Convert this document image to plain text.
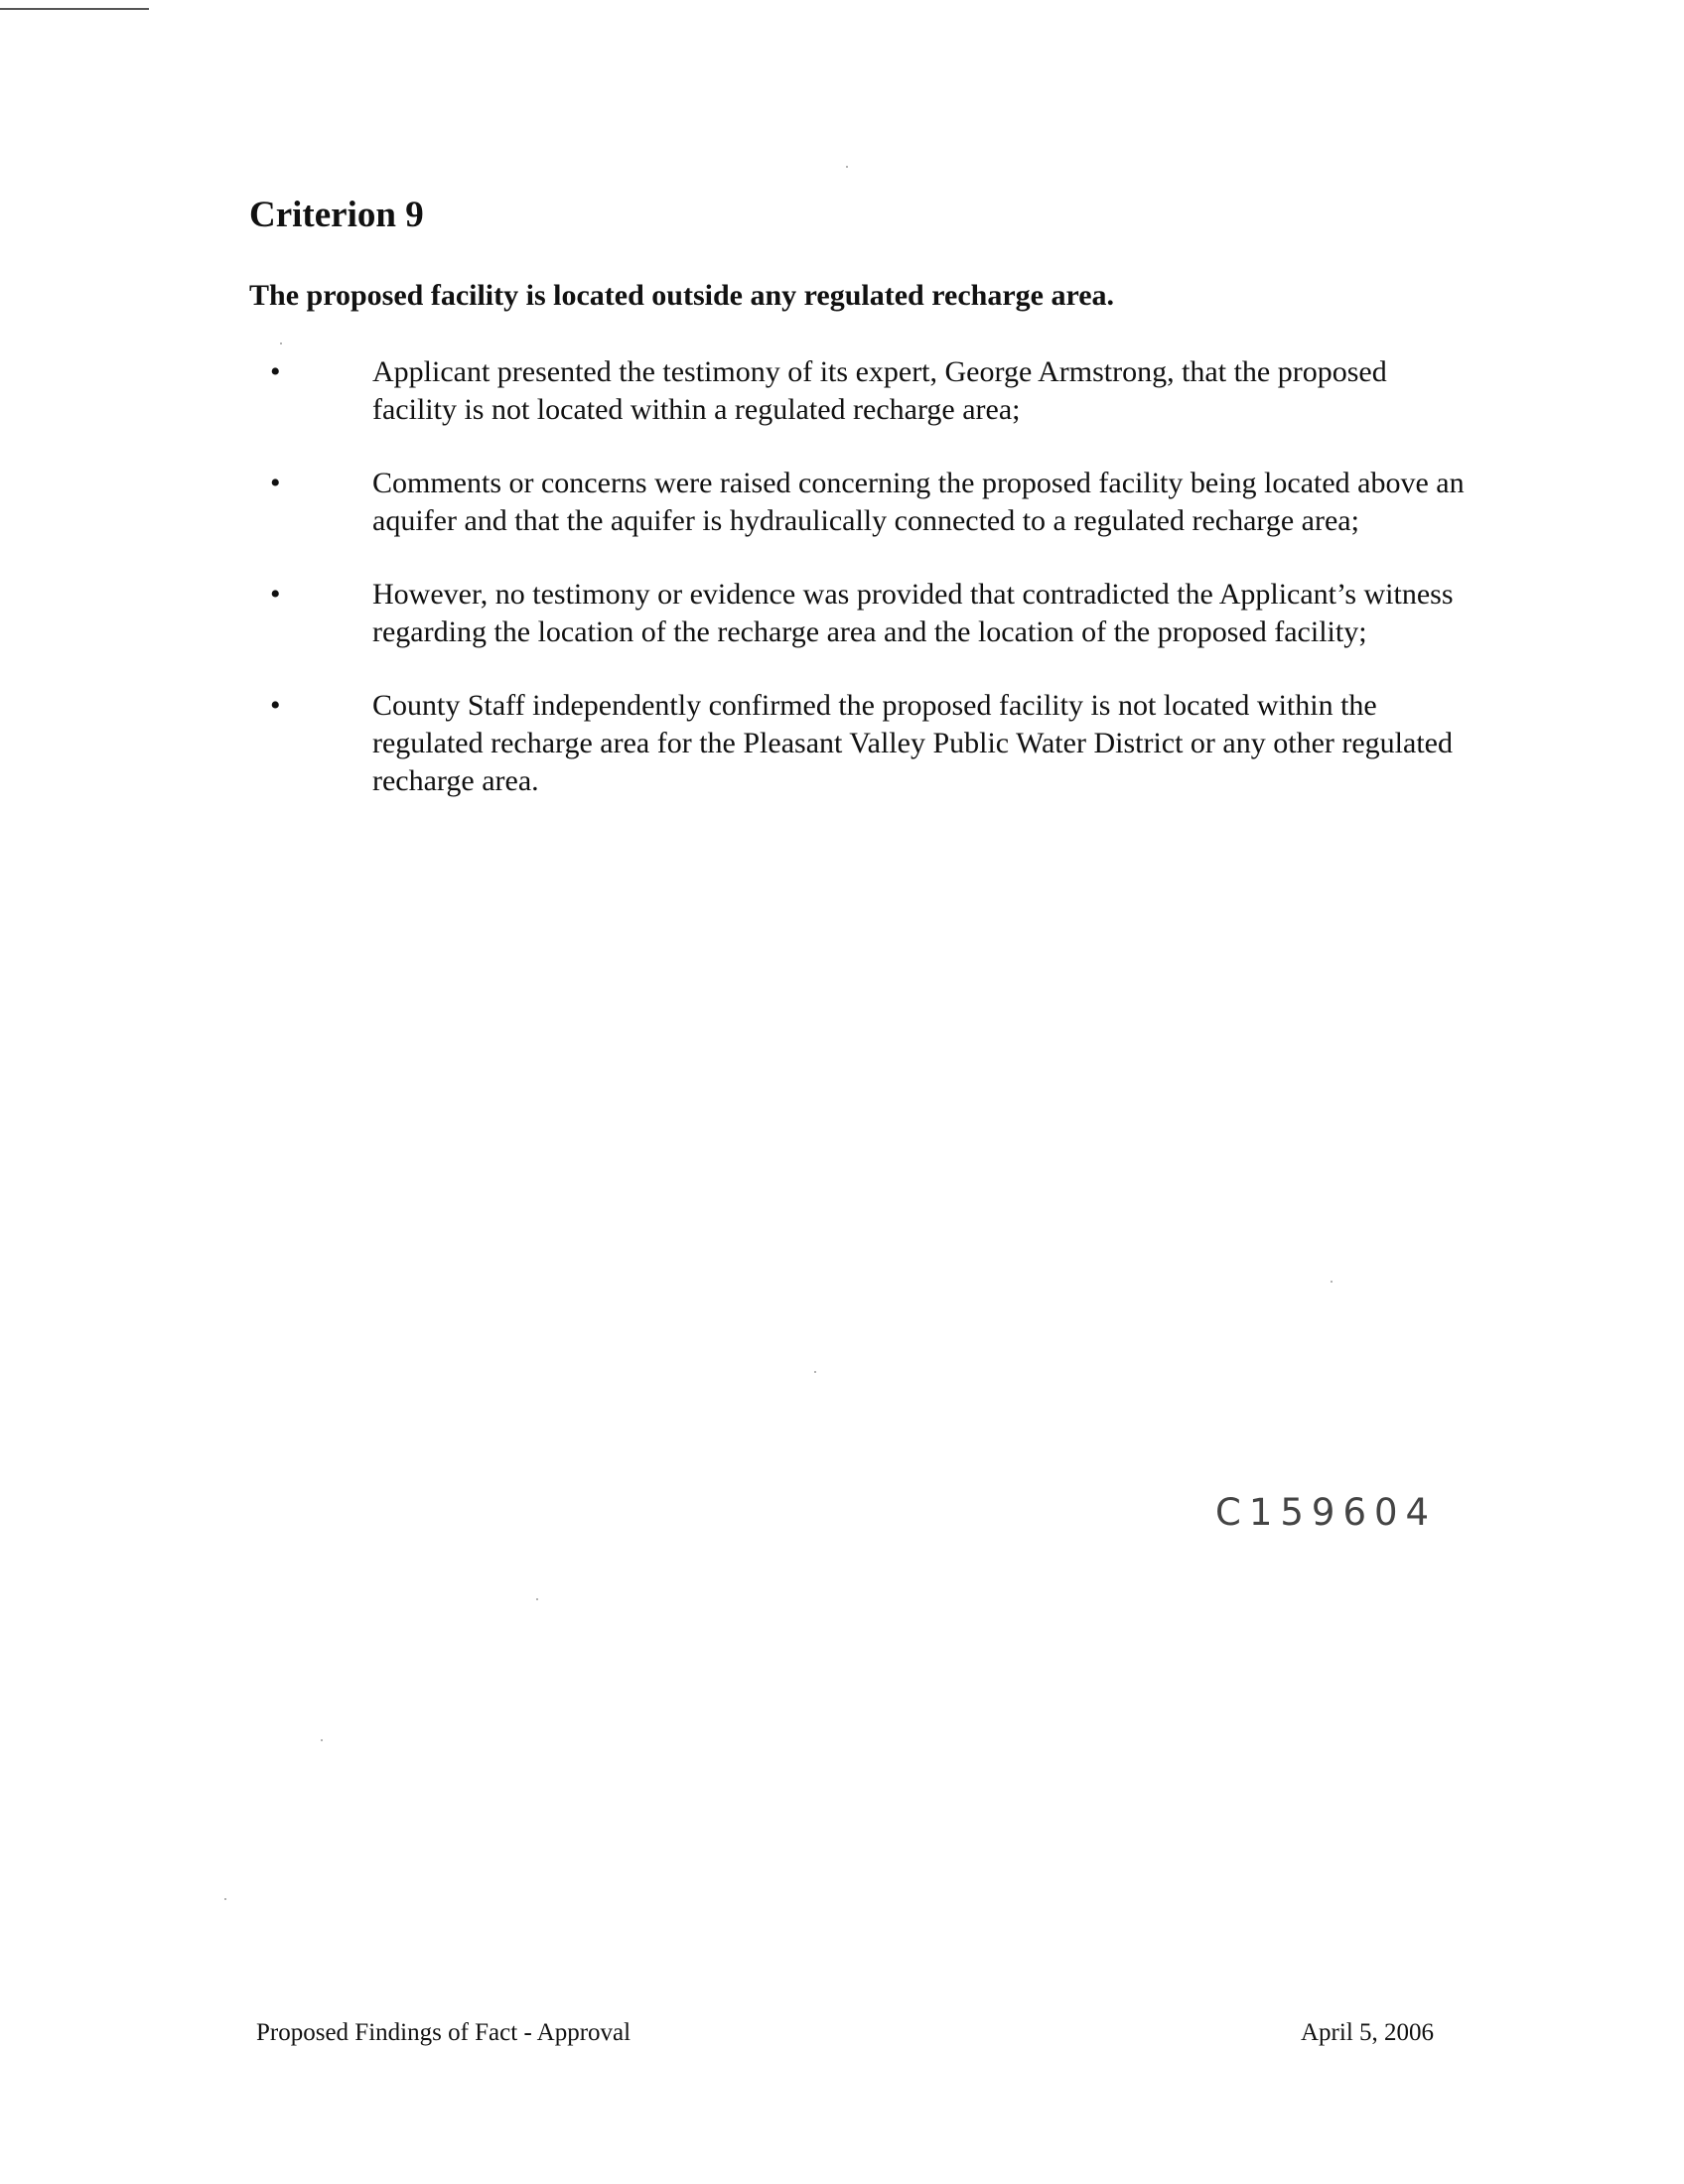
Criterion 9

The proposed facility is located outside any regulated recharge area.

•	Applicant presented the testimony of its expert, George Armstrong, that the proposed facility is not located within a regulated recharge area;
•	Comments or concerns were raised concerning the proposed facility being located above an aquifer and that the aquifer is hydraulically connected to a regulated recharge area;
•	However, no testimony or evidence was provided that contradicted the Applicant’s witness regarding the location of the recharge area and the location of the proposed facility;
•	County Staff independently confirmed the proposed facility is not located within the regulated recharge area for the Pleasant Valley Public Water District or any other regulated recharge area.
C159604
Proposed Findings of Fact - Approval	April 5, 2006
